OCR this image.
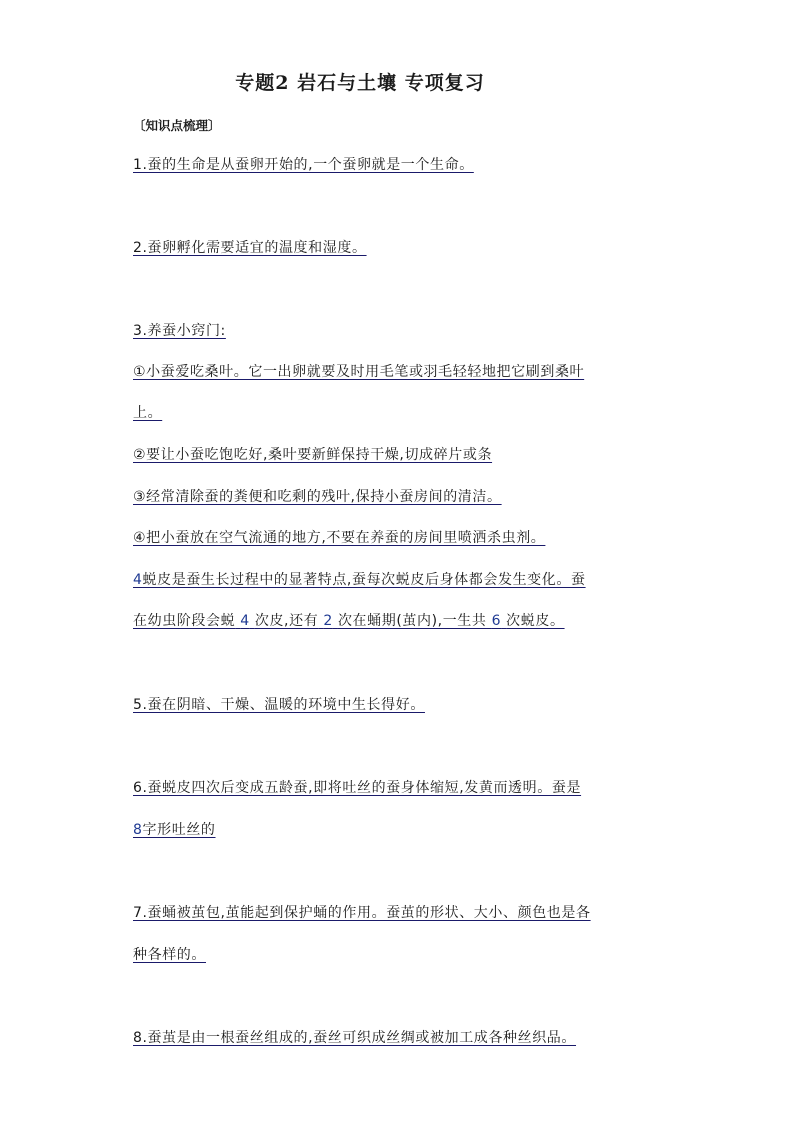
专题2 岩石与土壤 专项复习
〔知识点梳理〕
1.蚕的生命是从蚕卵开始的,一个蚕卵就是一个生命。
2.蚕卵孵化需要适宜的温度和湿度。
3.养蚕小窍门:
①小蚕爱吃桑叶。它一出卵就要及时用毛笔或羽毛轻轻地把它刷到桑叶
上。
②要让小蚕吃饱吃好,桑叶要新鲜保持干燥,切成碎片或条
③经常清除蚕的粪便和吃剩的残叶,保持小蚕房间的清洁。
④把小蚕放在空气流通的地方,不要在养蚕的房间里喷洒杀虫剂。
4蜕皮是蚕生长过程中的显著特点,蚕每次蜕皮后身体都会发生变化。蚕
在幼虫阶段会蜕 4 次皮,还有 2 次在蛹期(茧内),一生共 6 次蜕皮。
5.蚕在阴暗、干燥、温暖的环境中生长得好。
6.蚕蜕皮四次后变成五龄蚕,即将吐丝的蚕身体缩短,发黄而透明。蚕是
8字形吐丝的
7.蚕蛹被茧包,茧能起到保护蛹的作用。蚕茧的形状、大小、颜色也是各
种各样的。
8.蚕茧是由一根蚕丝组成的,蚕丝可织成丝绸或被加工成各种丝织品。
